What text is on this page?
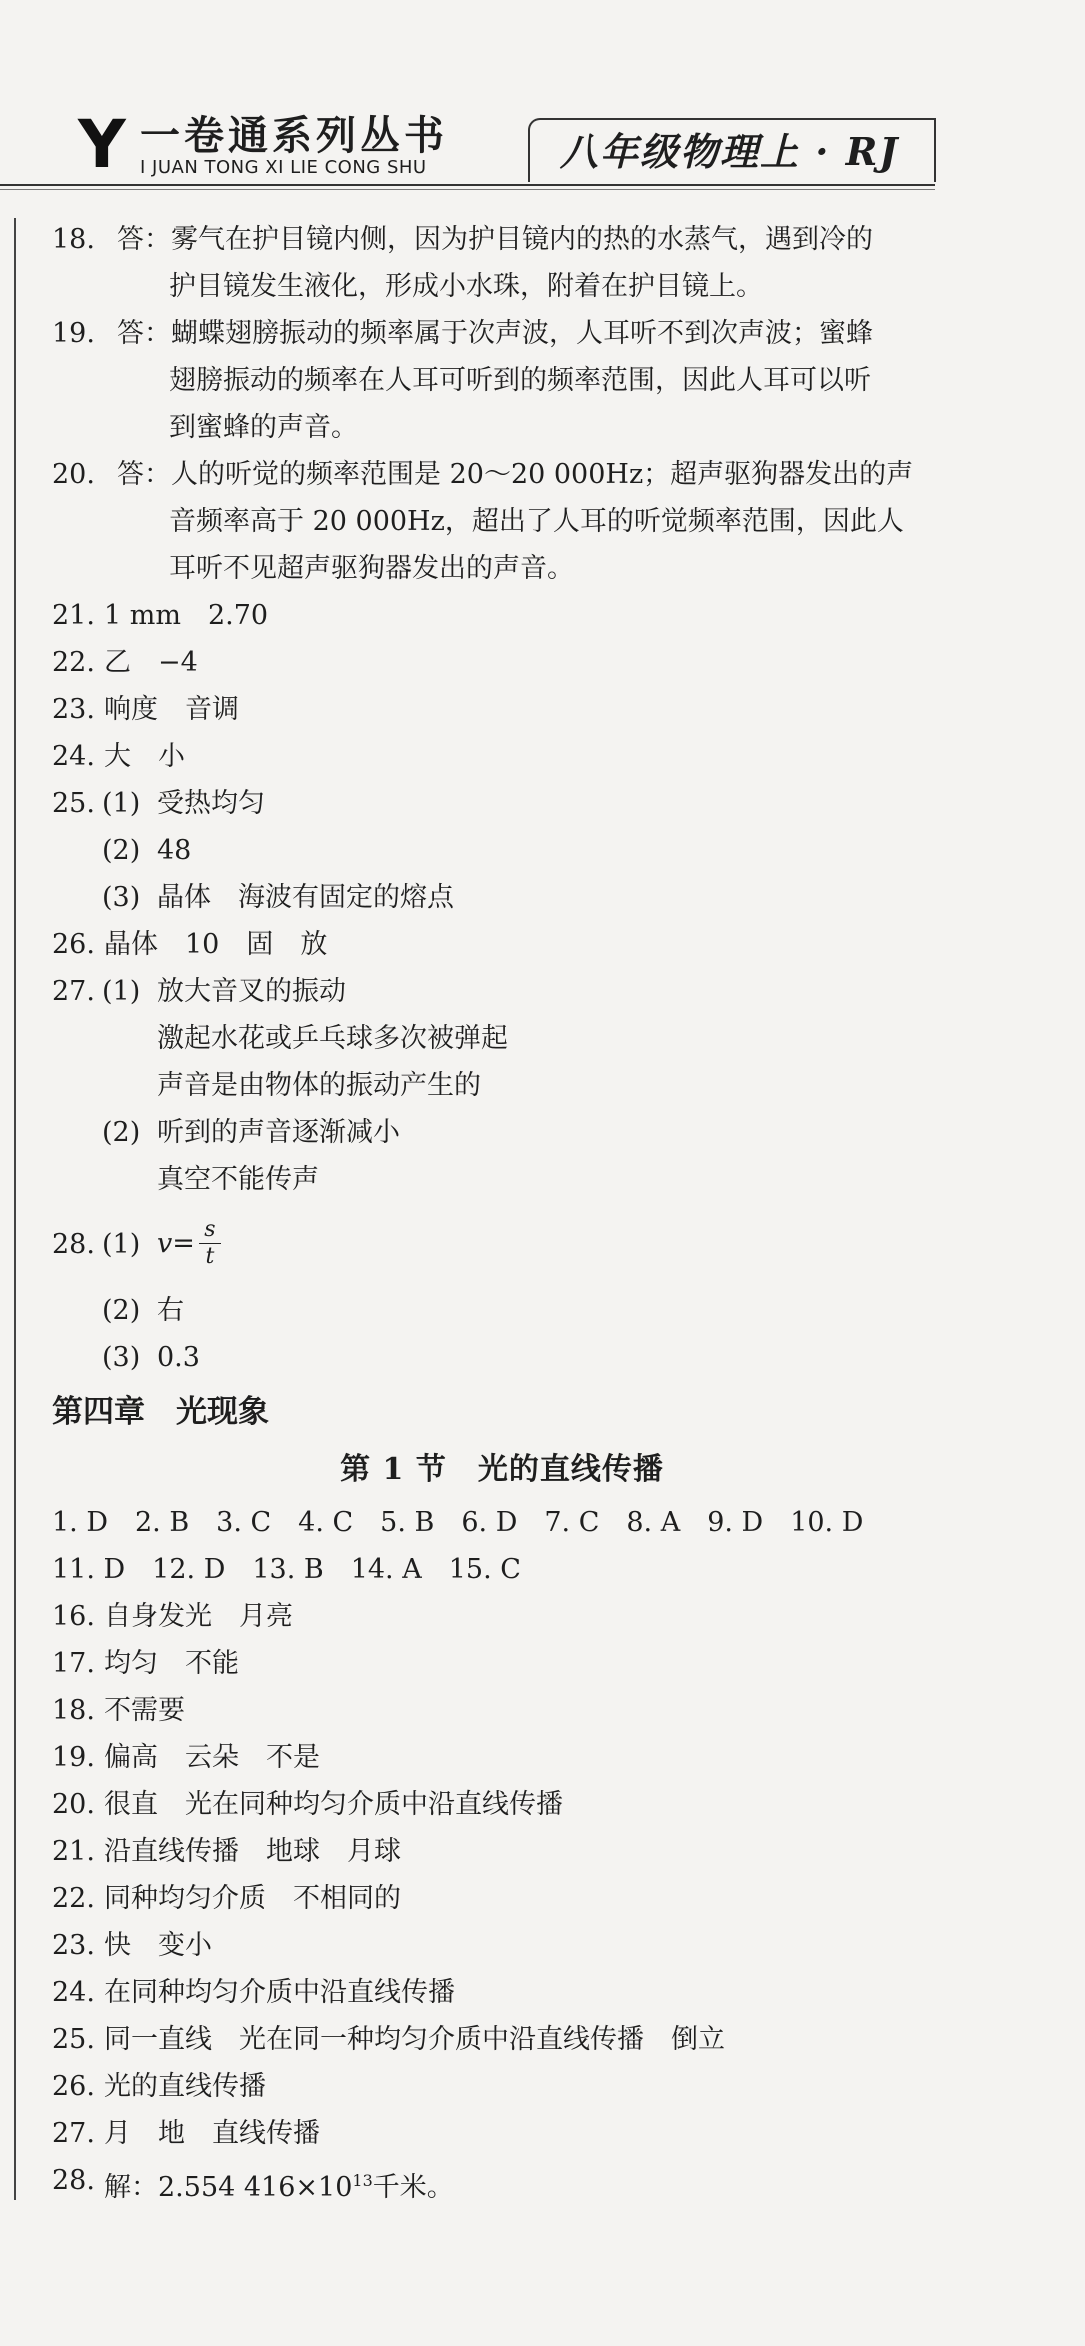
Y 一卷通系列丛书
I JUAN TONG XI LIE CONG SHU	八年级物理上 · RJ
18. 答：雾气在护目镜内侧，因为护目镜内的热的水蒸气，遇到冷的
护目镜发生液化，形成小水珠，附着在护目镜上。
19. 答：蝴蝶翅膀振动的频率属于次声波，人耳听不到次声波；蜜蜂
翅膀振动的频率在人耳可听到的频率范围，因此人耳可以听
到蜜蜂的声音。
20. 答：人的听觉的频率范围是 20～20 000Hz；超声驱狗器发出的声
音频率高于 20 000Hz，超出了人耳的听觉频率范围，因此人
耳听不见超声驱狗器发出的声音。
21. 1 mm　2.70
22. 乙　−4
23. 响度　音调
24. 大　小
25. (1) 受热均匀
(2) 48
(3) 晶体　海波有固定的熔点
26. 晶体　10　固　放
27. (1) 放大音叉的振动
激起水花或乒乓球多次被弹起
声音是由物体的振动产生的
(2) 听到的声音逐渐减小
真空不能传声
28. (1) $v= \frac{s}{t}$
(2) 右
(3) 0.3
第四章　光现象
第 1 节　光的直线传播
1. D　2. B　3. C　4. C　5. B　6. D　7. C　8. A　9. D　10. D
11. D　12. D　13. B　14. A　15. C
16. 自身发光　月亮
17. 均匀　不能
18. 不需要
19. 偏高　云朵　不是
20. 很直　光在同种均匀介质中沿直线传播
21. 沿直线传播　地球　月球
22. 同种均匀介质　不相同的
23. 快　变小
24. 在同种均匀介质中沿直线传播
25. 同一直线　光在同一种均匀介质中沿直线传播　倒立
26. 光的直线传播
27. 月　地　直线传播
28. 解：2.554 $416\times 10^{13}$千米。
